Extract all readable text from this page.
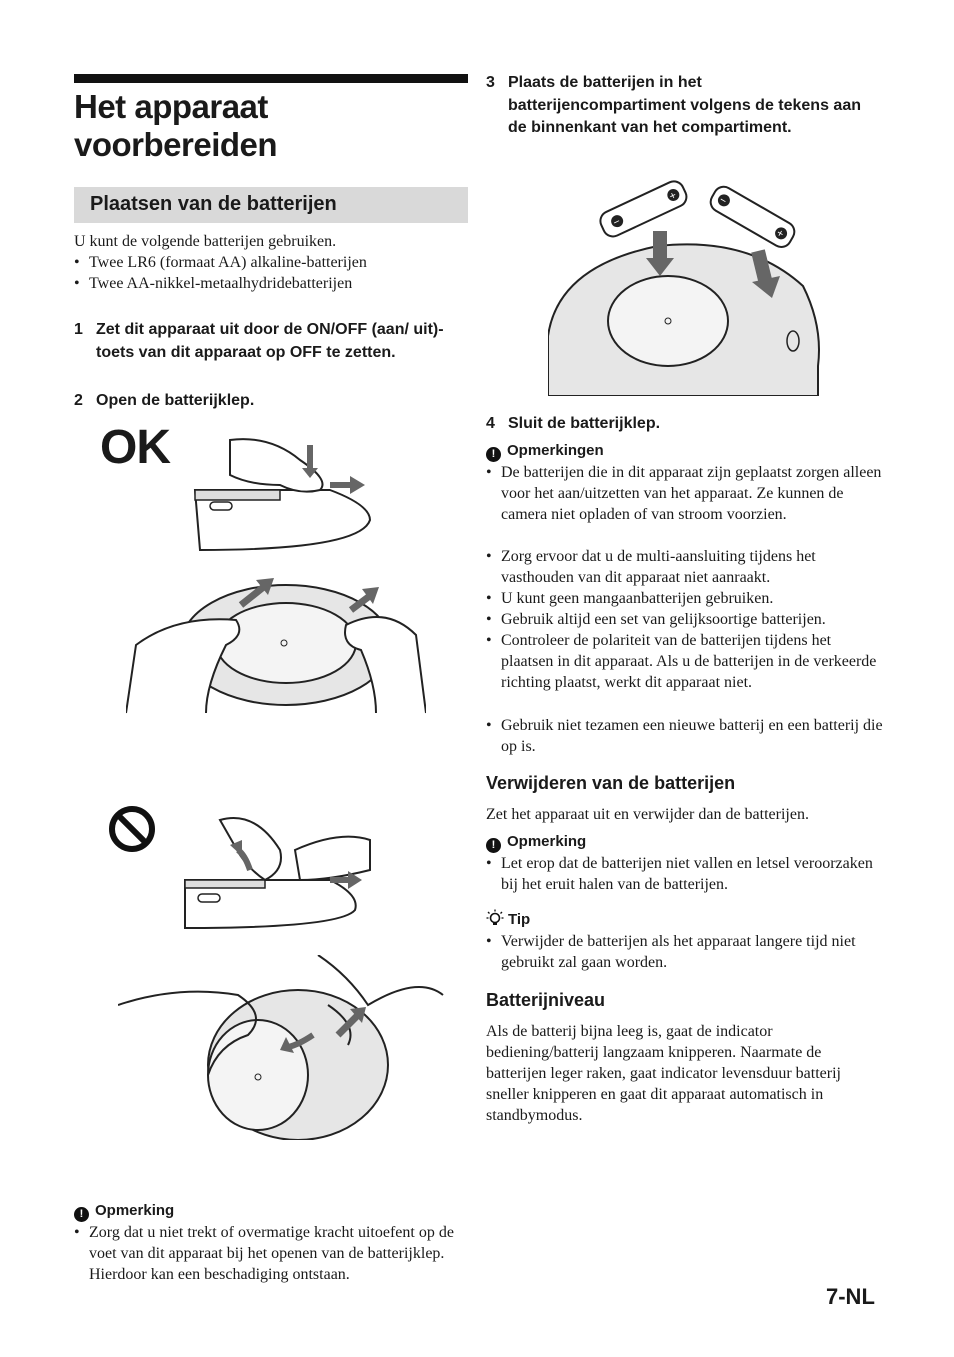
Het apparaat voorbereiden
Plaatsen van de batterijen

U kunt de volgende batterijen gebruiken.

• Twee LR6 (formaat AA) alkaline-batterijen
• Twee AA-nikkel-metaalhydridebatterijen
1 Zet dit apparaat uit door de ON/OFF (aan/ uit)-toets van dit apparaat op OFF te zetten.
2 Open de batterijklep.
OK
! Opmerking
• Zorg dat u niet trekt of overmatige kracht uitoefent op de voet van dit apparaat bij het openen van de batterijklep. Hierdoor kan een beschadiging ontstaan.
3 Plaats de batterijen in het batterijencompartiment volgens de tekens aan de binnenkant van het compartiment.
−
+	−
+
4 Sluit de batterijklep.
! Opmerkingen
• De batterijen die in dit apparaat zijn geplaatst zorgen alleen voor het aan/uitzetten van het apparaat. Ze kunnen de camera niet opladen of van stroom voorzien.
• Zorg ervoor dat u de multi-aansluiting tijdens het vasthouden van dit apparaat niet aanraakt.
• U kunt geen mangaanbatterijen gebruiken.
• Gebruik altijd een set van gelijksoortige batterijen.
• Controleer de polariteit van de batterijen tijdens het plaatsen in dit apparaat. Als u de batterijen in de verkeerde richting plaatst, werkt dit apparaat niet.
• Gebruik niet tezamen een nieuwe batterij en een batterij die op is.
Verwijderen van de batterijen

Zet het apparaat uit en verwijder dan de batterijen.

! Opmerking
• Let erop dat de batterijen niet vallen en letsel veroorzaken bij het eruit halen van de batterijen.
Tip
• Verwijder de batterijen als het apparaat langere tijd niet gebruikt zal gaan worden.
Batterijniveau

Als de batterij bijna leeg is, gaat de indicator bediening/batterij langzaam knipperen. Naarmate de batterijen leger raken, gaat indicator levensduur batterij sneller knipperen en gaat dit apparaat automatisch in standbymodus.

7-NL
